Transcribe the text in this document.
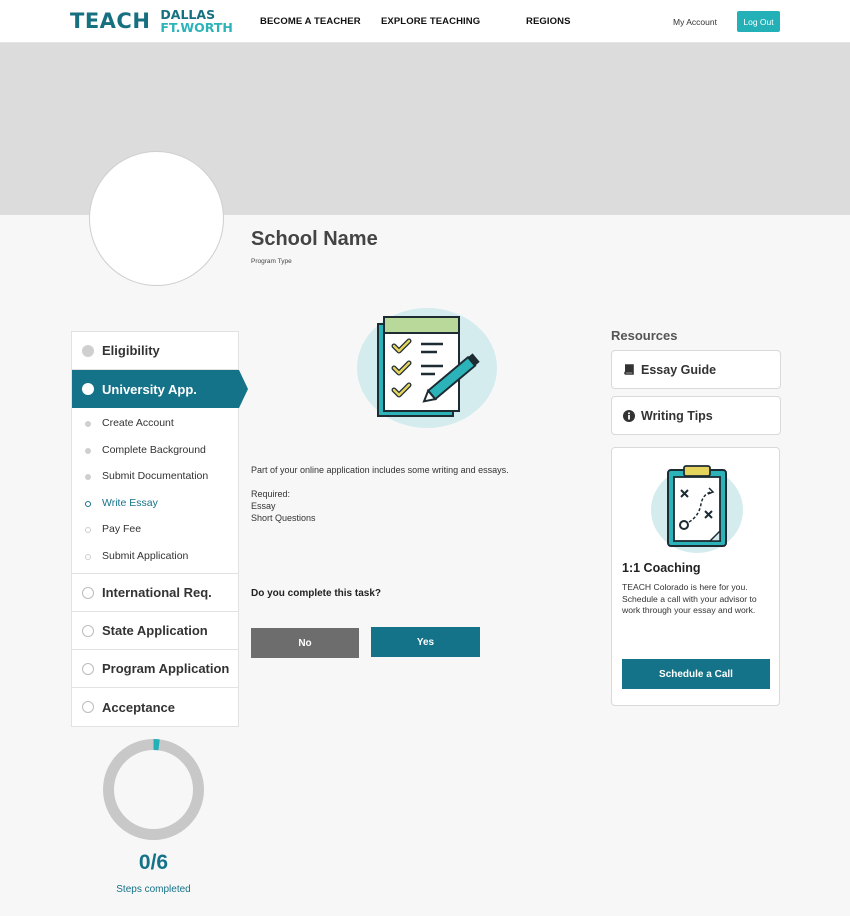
TEACH DALLAS
FT.WORTH	BECOME A TEACHER EXPLORE TEACHING	REGIONS	My Account	Log Out
School Name
Program Type
Eligibility
University App.
Create Account
Complete Background
Submit Documentation
Write Essay
Pay Fee
Submit Application
International Req.
State Application
Program Application
Acceptance
0/6
Steps completed
Part of your online application includes some writing and essays.
Required:
Essay
Short Questions
Do you complete this task?
No	Yes
Resources
Essay Guide
Writing Tips
1:1 Coaching
TEACH Colorado is here for you. Schedule a call with your advisor to work through your essay and work.
Schedule a Call
